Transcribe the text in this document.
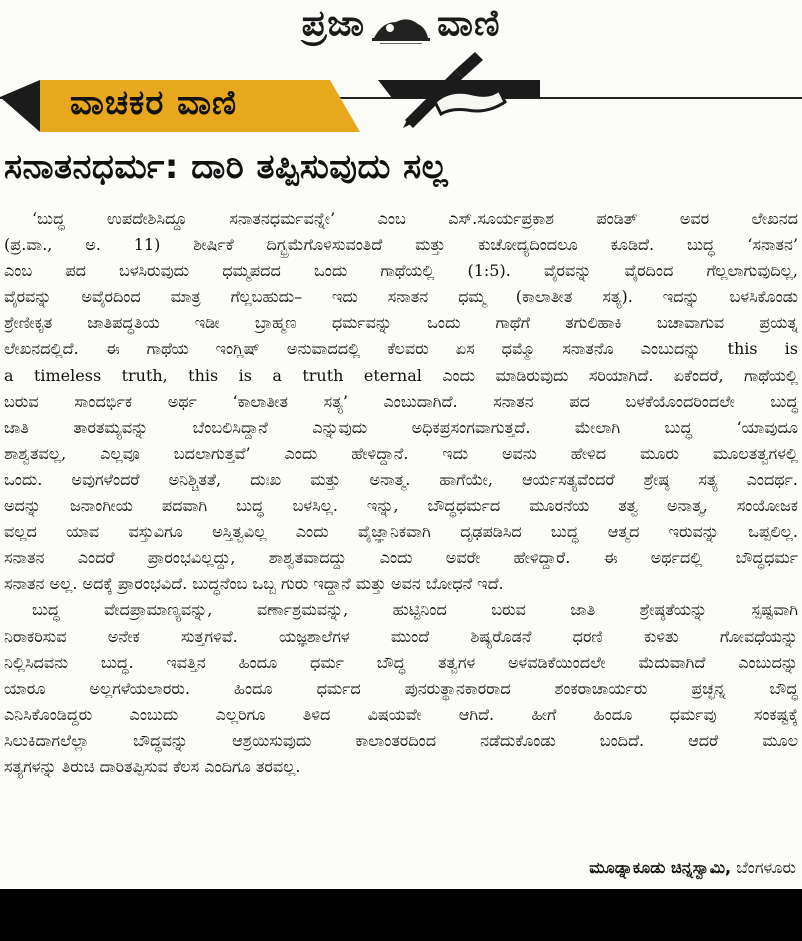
ಪ್ರಜಾ ವಾಣಿ
ವಾಚಕರ ವಾಣಿ
ಸನಾತನಧರ್ಮ: ದಾರಿ ತಪ್ಪಿಸುವುದು ಸಲ್ಲ
‘ಬುದ್ಧ ಉಪದೇಶಿಸಿದ್ದೂ ಸನಾತನಧರ್ಮವನ್ನೇ’ ಎಂಬ ಎಸ್.ಸೂರ್ಯಪ್ರಕಾಶ ಪಂಡಿತ್ ಅವರ ಲೇಖನದ
(ಪ್ರ.ವಾ., ಅ. 11) ಶೀರ್ಷಿಕೆ ದಿಗ್ಭ್ರಮೆಗೊಳಿಸುವಂತಿದೆ ಮತ್ತು ಕುಚೋದ್ಯದಿಂದಲೂ ಕೂಡಿದೆ. ಬುದ್ಧ ‘ಸನಾತನ’
ಎಂಬ ಪದ ಬಳಸಿರುವುದು ಧಮ್ಮಪದದ ಒಂದು ಗಾಥೆಯಲ್ಲಿ (1:5). ವೈರವನ್ನು ವೈರದಿಂದ ಗೆಲ್ಲಲಾಗುವುದಿಲ್ಲ,
ವೈರವನ್ನು ಅವೈರದಿಂದ ಮಾತ್ರ ಗೆಲ್ಲಬಹುದು– ಇದು ಸನಾತನ ಧಮ್ಮ (ಕಾಲಾತೀತ ಸತ್ಯ). ಇದನ್ನು ಬಳಸಿಕೊಂಡು
ಶ್ರೇಣೀಕೃತ ಜಾತಿಪದ್ಧತಿಯ ಇಡೀ ಬ್ರಾಹ್ಮಣ ಧರ್ಮವನ್ನು ಒಂದು ಗಾಥೆಗೆ ತಗುಲಿಹಾಕಿ ಬಚಾವಾಗುವ ಪ್ರಯತ್ನ
ಲೇಖನದಲ್ಲಿದೆ. ಈ ಗಾಥೆಯ ಇಂಗ್ಲಿಷ್ ಅನುವಾದದಲ್ಲಿ ಕೆಲವರು ಏಸ ಧಮ್ಮೊ ಸನಾತನೊ ಎಂಬುದನ್ನು this is
a timeless truth, this is a truth eternal ಎಂದು ಮಾಡಿರುವುದು ಸರಿಯಾಗಿದೆ. ಏಕೆಂದರೆ, ಗಾಥೆಯಲ್ಲಿ
ಬರುವ ಸಾಂದರ್ಭಿಕ ಅರ್ಥ ‘ಕಾಲಾತೀತ ಸತ್ಯ’ ಎಂಬುದಾಗಿದೆ. ಸನಾತನ ಪದ ಬಳಕೆಯೊಂದರಿಂದಲೇ ಬುದ್ಧ
ಜಾತಿ ತಾರತಮ್ಯವನ್ನು ಬೆಂಬಲಿಸಿದ್ದಾನೆ ಎನ್ನುವುದು ಅಧಿಕಪ್ರಸಂಗವಾಗುತ್ತದೆ. ಮೇಲಾಗಿ ಬುದ್ಧ ‘ಯಾವುದೂ
ಶಾಶ್ವತವಲ್ಲ, ಎಲ್ಲವೂ ಬದಲಾಗುತ್ತವೆ’ ಎಂದು ಹೇಳಿದ್ದಾನೆ. ಇದು ಅವನು ಹೇಳಿದ ಮೂರು ಮೂಲತತ್ವಗಳಲ್ಲಿ
ಒಂದು. ಅವುಗಳೆಂದರೆ ಅನಿಶ್ಚಿತತೆ, ದುಃಖ ಮತ್ತು ಅನಾತ್ಮ. ಹಾಗೆಯೇ, ಆರ್ಯಸತ್ಯವೆಂದರೆ ಶ್ರೇಷ್ಠ ಸತ್ಯ ಎಂದರ್ಥ.
ಅದನ್ನು ಜನಾಂಗೀಯ ಪದವಾಗಿ ಬುದ್ಧ ಬಳಸಿಲ್ಲ. ಇನ್ನು, ಬೌದ್ಧಧರ್ಮದ ಮೂರನೆಯ ತತ್ವ ಅನಾತ್ಮ, ಸಂಯೋಜಕ
ವಲ್ಲದ ಯಾವ ವಸ್ತುವಿಗೂ ಅಸ್ತಿತ್ವವಿಲ್ಲ ಎಂದು ವೈಜ್ಞಾನಿಕವಾಗಿ ದೃಢಪಡಿಸಿದ ಬುದ್ಧ ಆತ್ಮದ ಇರುವನ್ನು ಒಪ್ಪಲಿಲ್ಲ.
ಸನಾತನ ಎಂದರೆ ಪ್ರಾರಂಭವಿಲ್ಲದ್ದು, ಶಾಶ್ವತವಾದದ್ದು ಎಂದು ಅವರೇ ಹೇಳಿದ್ದಾರೆ. ಈ ಅರ್ಥದಲ್ಲಿ ಬೌದ್ಧಧರ್ಮ
ಸನಾತನ ಅಲ್ಲ. ಅದಕ್ಕೆ ಪ್ರಾರಂಭವಿದೆ. ಬುದ್ಧನೆಂಬ ಒಬ್ಬ ಗುರು ಇದ್ದಾನೆ ಮತ್ತು ಅವನ ಬೋಧನೆ ಇದೆ.
ಬುದ್ಧ ವೇದಪ್ರಾಮಾಣ್ಯವನ್ನು, ವರ್ಣಾಶ್ರಮವನ್ನು, ಹುಟ್ಟಿನಿಂದ ಬರುವ ಜಾತಿ ಶ್ರೇಷ್ಠತೆಯನ್ನು ಸ್ಪಷ್ಟವಾಗಿ
ನಿರಾಕರಿಸುವ ಅನೇಕ ಸುತ್ತಗಳಿವೆ. ಯಜ್ಞಶಾಲೆಗಳ ಮುಂದೆ ಶಿಷ್ಯರೊಡನೆ ಧರಣಿ ಕುಳಿತು ಗೋವಧೆಯನ್ನು
ನಿಲ್ಲಿಸಿದವನು ಬುದ್ಧ. ಇವತ್ತಿನ ಹಿಂದೂ ಧರ್ಮ ಬೌದ್ಧ ತತ್ವಗಳ ಅಳವಡಿಕೆಯಿಂದಲೇ ಮೆದುವಾಗಿದೆ ಎಂಬುದನ್ನು
ಯಾರೂ ಅಲ್ಲಗಳೆಯಲಾರರು. ಹಿಂದೂ ಧರ್ಮದ ಪುನರುತ್ಥಾನಕಾರರಾದ ಶಂಕರಾಚಾರ್ಯರು ಪ್ರಚ್ಛನ್ನ ಬೌದ್ಧ
ಎನಿಸಿಕೊಂಡಿದ್ದರು ಎಂಬುದು ಎಲ್ಲರಿಗೂ ತಿಳಿದ ವಿಷಯವೇ ಆಗಿದೆ. ಹೀಗೆ ಹಿಂದೂ ಧರ್ಮವು ಸಂಕಷ್ಟಕ್ಕೆ
ಸಿಲುಕಿದಾಗಲೆಲ್ಲಾ ಬೌದ್ಧವನ್ನು ಆಶ್ರಯಿಸುವುದು ಕಾಲಾಂತರದಿಂದ ನಡೆದುಕೊಂಡು ಬಂದಿದೆ. ಆದರೆ ಮೂಲ
ಸತ್ಯಗಳನ್ನು ತಿರುಚಿ ದಾರಿತಪ್ಪಿಸುವ ಕೆಲಸ ಎಂದಿಗೂ ತರವಲ್ಲ.
ಮೂಡ್ನಾಕೂಡು ಚಿನ್ನಸ್ವಾಮಿ, ಬೆಂಗಳೂರು
